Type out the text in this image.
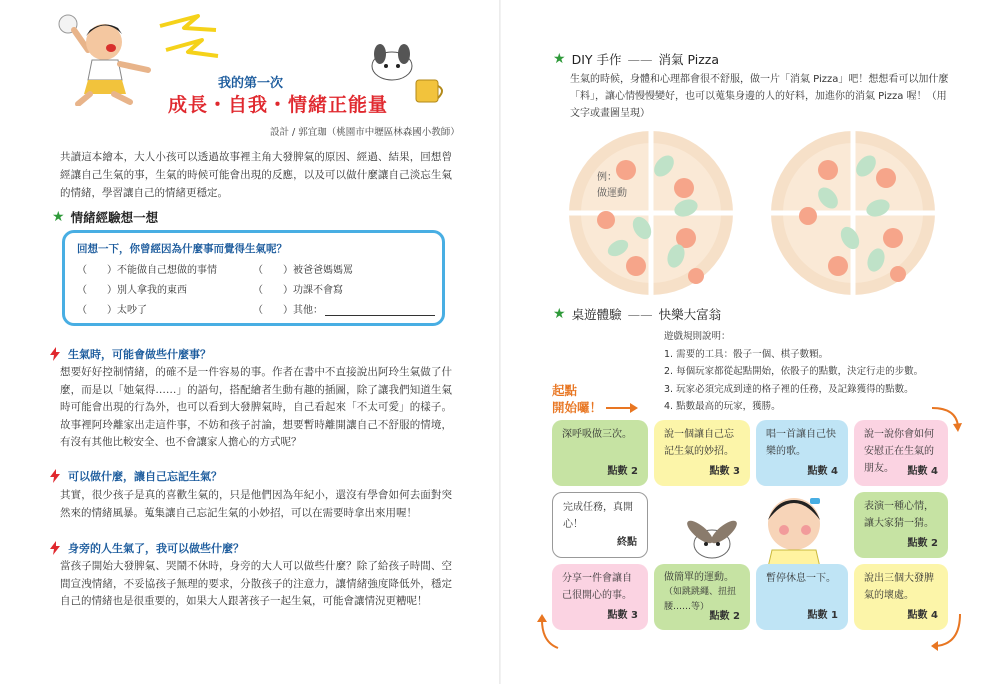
我的第一次
成長・自我・情緒正能量
設計 / 郭宜珈（桃園市中壢區林森國小教師）
共讀這本繪本，大人小孩可以透過故事裡主角大發脾氣的原因、經過、結果，回想曾經讓自己生氣的事，生氣的時候可能會出現的反應，以及可以做什麼讓自己淡忘生氣的情緒，學習讓自己的情緒更穩定。
★ 情緒經驗想一想
回想一下，你曾經因為什麼事而覺得生氣呢？
（　　）不能做自己想做的事情	（　　）被爸爸媽媽罵
（　　）別人拿我的東西	（　　）功課不會寫
（　　）太吵了	（　　）其他：
生氣時，可能會做些什麼事？
想要好好控制情緒，的確不是一件容易的事。作者在書中不直接說出阿玲生氣做了什麼，而是以「她氣得……」的語句，搭配繪者生動有趣的插圖，除了讓我們知道生氣時可能會出現的行為外，也可以看到大發脾氣時，自己看起來「不太可愛」的樣子。故事裡阿玲離家出走這件事，不妨和孩子討論，想要暫時離開讓自己不舒服的情境，有沒有其他比較安全、也不會讓家人擔心的方式呢？
可以做什麼，讓自己忘記生氣？
其實，很少孩子是真的喜歡生氣的，只是他們因為年紀小，還沒有學會如何去面對突然來的情緒風暴。蒐集讓自己忘記生氣的小妙招，可以在需要時拿出來用喔！
身旁的人生氣了，我可以做些什麼？
當孩子開始大發脾氣、哭鬧不休時，身旁的大人可以做些什麼？除了給孩子時間、空間宣洩情緒，不妥協孩子無理的要求，分散孩子的注意力，讓情緒強度降低外，穩定自己的情緒也是很重要的，如果大人跟著孩子一起生氣，可能會讓情況更糟呢！
★ DIY 手作 —— 消氣 Pizza
生氣的時候，身體和心理都會很不舒服，做一片「消氣 Pizza」吧！想想看可以加什麼「料」，讓心情慢慢變好，也可以蒐集身邊的人的好料，加進你的消氣 Pizza 喔！（用文字或畫圖呈現）
例：
做運動
★ 桌遊體驗 —— 快樂大富翁
遊戲規則說明：
1. 需要的工具：骰子一個、棋子數顆。
2. 每個玩家都從起點開始，依骰子的點數，決定行走的步數。
3. 玩家必須完成到達的格子裡的任務，及記錄獲得的點數。
4. 點數最高的玩家，獲勝。
起點
開始囉！
深呼吸做三次。
點數 2
說一個讓自己忘記生氣的妙招。
點數 3
唱一首讓自己快樂的歌。
點數 4
說一說你會如何安慰正在生氣的朋友。	點數 4
完成任務，真開心！
終點
表演一種心情，讓大家猜一猜。
點數 2
分享一件會讓自己很開心的事。
點數 3
做簡單的運動。
（如跳跳繩、扭扭腰……等）
點數 2
暫停休息一下。
點數 1
說出三個大發脾氣的壞處。
點數 4
